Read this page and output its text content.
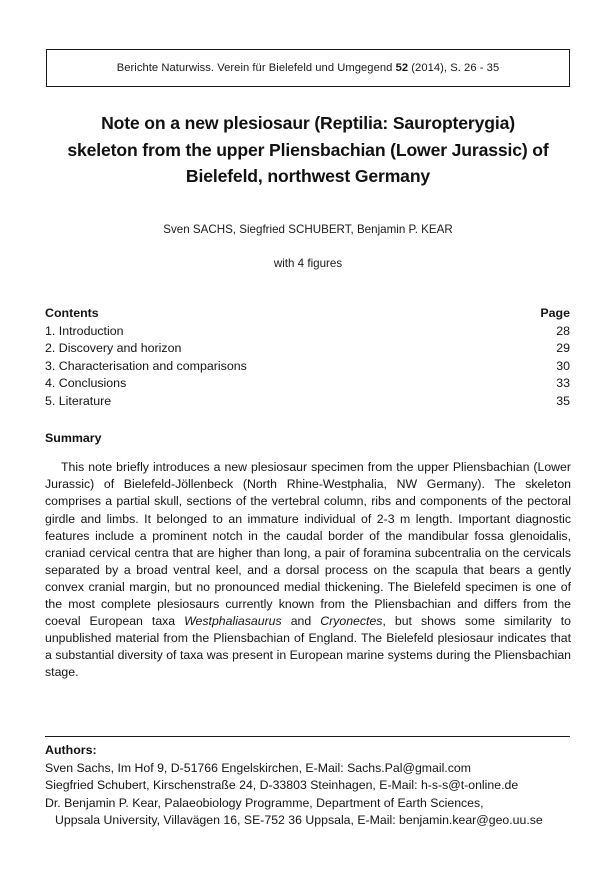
Berichte Naturwiss. Verein für Bielefeld und Umgegend 52 (2014), S. 26 - 35
Note on a new plesiosaur (Reptilia: Sauropterygia)
skeleton from the upper Pliensbachian (Lower Jurassic) of
Bielefeld, northwest Germany
Sven SACHS, Siegfried SCHUBERT, Benjamin P. KEAR
with 4 figures
Contents	Page
1. Introduction	28
2. Discovery and horizon	29
3. Characterisation and comparisons	30
4. Conclusions	33
5. Literature	35
Summary

This note briefly introduces a new plesiosaur specimen from the upper Pliensbachian (Lower Jurassic) of Bielefeld-Jöllenbeck (North Rhine-Westphalia, NW Germany). The skeleton comprises a partial skull, sections of the vertebral column, ribs and components of the pectoral girdle and limbs. It belonged to an immature individual of 2-3 m length. Important diagnostic features include a prominent notch in the caudal border of the mandibular fossa glenoidalis, craniad cervical centra that are higher than long, a pair of foramina subcentralia on the cervicals separated by a broad ventral keel, and a dorsal process on the scapula that bears a gently convex cranial margin, but no pronounced medial thickening. The Bielefeld specimen is one of the most complete plesiosaurs currently known from the Pliensbachian and differs from the coeval European taxa Westphaliasaurus and Cryonectes, but shows some similarity to unpublished material from the Pliensbachian of England. The Bielefeld plesiosaur indicates that a substantial diversity of taxa was present in European marine systems during the Pliensbachian stage.

Authors:
Sven Sachs, Im Hof 9, D-51766 Engelskirchen, E-Mail: Sachs.Pal@gmail.com
Siegfried Schubert, Kirschenstraße 24, D-33803 Steinhagen, E-Mail: h-s-s@t-online.de
Dr. Benjamin P. Kear, Palaeobiology Programme, Department of Earth Sciences,
Uppsala University, Villavägen 16, SE-752 36 Uppsala, E-Mail: benjamin.kear@geo.uu.se
